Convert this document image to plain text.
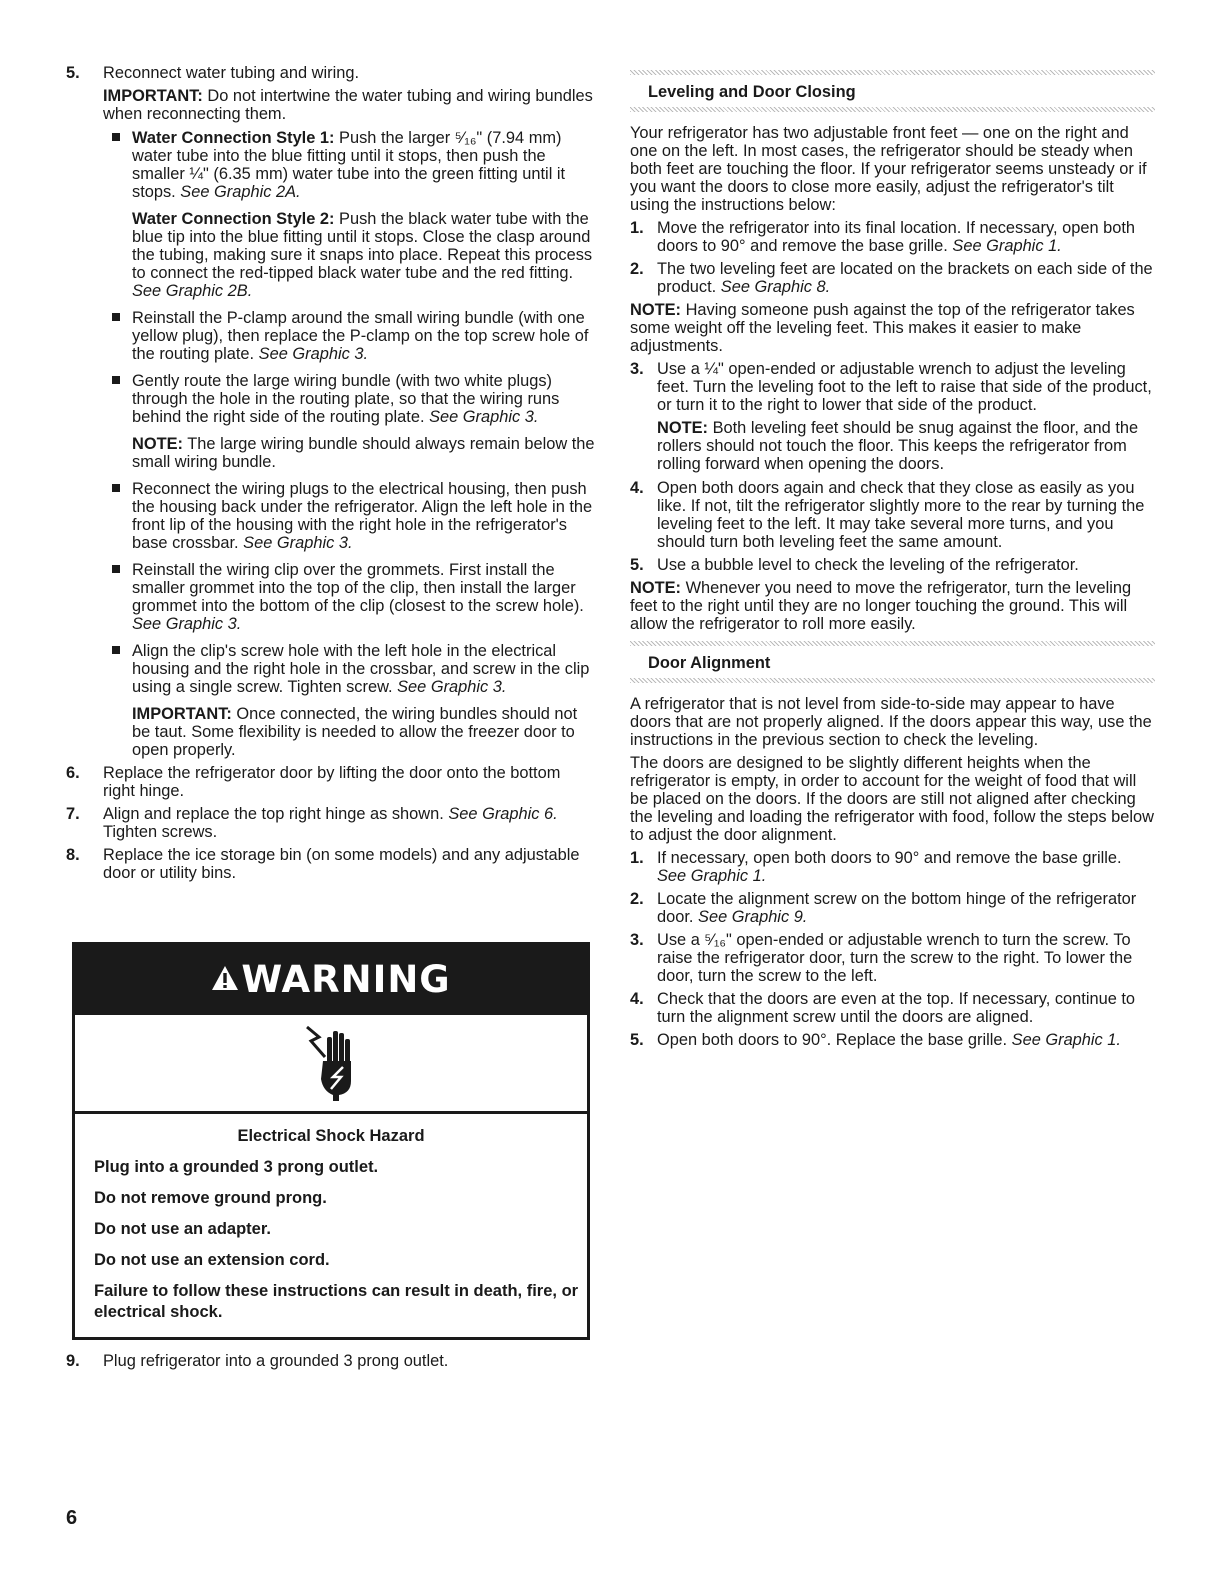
5. Reconnect water tubing and wiring.
IMPORTANT: Do not intertwine the water tubing and wiring bundles when reconnecting them.
Water Connection Style 1: Push the larger ⁵⁄₁₆" (7.94 mm) water tube into the blue fitting until it stops, then push the smaller ¼" (6.35 mm) water tube into the green fitting until it stops. See Graphic 2A.
Water Connection Style 2: Push the black water tube with the blue tip into the blue fitting until it stops. Close the clasp around the tubing, making sure it snaps into place. Repeat this process to connect the red-tipped black water tube and the red fitting. See Graphic 2B.
Reinstall the P-clamp around the small wiring bundle (with one yellow plug), then replace the P-clamp on the top screw hole of the routing plate. See Graphic 3.
Gently route the large wiring bundle (with two white plugs) through the hole in the routing plate, so that the wiring runs behind the right side of the routing plate. See Graphic 3.
NOTE: The large wiring bundle should always remain below the small wiring bundle.
Reconnect the wiring plugs to the electrical housing, then push the housing back under the refrigerator. Align the left hole in the front lip of the housing with the right hole in the refrigerator's base crossbar. See Graphic 3.
Reinstall the wiring clip over the grommets. First install the smaller grommet into the top of the clip, then install the larger grommet into the bottom of the clip (closest to the screw hole). See Graphic 3.
Align the clip's screw hole with the left hole in the electrical housing and the right hole in the crossbar, and screw in the clip using a single screw. Tighten screw. See Graphic 3.
IMPORTANT: Once connected, the wiring bundles should not be taut. Some flexibility is needed to allow the freezer door to open properly.
6. Replace the refrigerator door by lifting the door onto the bottom right hinge.
7. Align and replace the top right hinge as shown. See Graphic 6. Tighten screws.
8. Replace the ice storage bin (on some models) and any adjustable door or utility bins.
WARNING

Electrical Shock Hazard

Plug into a grounded 3 prong outlet.

Do not remove ground prong.

Do not use an adapter.

Do not use an extension cord.

Failure to follow these instructions can result in death, fire, or electrical shock.

9. Plug refrigerator into a grounded 3 prong outlet.
Leveling and Door Closing

Your refrigerator has two adjustable front feet — one on the right and one on the left. In most cases, the refrigerator should be steady when both feet are touching the floor. If your refrigerator seems unsteady or if you want the doors to close more easily, adjust the refrigerator's tilt using the instructions below:

1. Move the refrigerator into its final location. If necessary, open both doors to 90° and remove the base grille. See Graphic 1.
2. The two leveling feet are located on the brackets on each side of the product. See Graphic 8.

NOTE: Having someone push against the top of the refrigerator takes some weight off the leveling feet. This makes it easier to make adjustments.

3. Use a ¼" open-ended or adjustable wrench to adjust the leveling feet. Turn the leveling foot to the left to raise that side of the product, or turn it to the right to lower that side of the product.
NOTE: Both leveling feet should be snug against the floor, and the rollers should not touch the floor. This keeps the refrigerator from rolling forward when opening the doors.
4. Open both doors again and check that they close as easily as you like. If not, tilt the refrigerator slightly more to the rear by turning the leveling feet to the left. It may take several more turns, and you should turn both leveling feet the same amount.
5. Use a bubble level to check the leveling of the refrigerator.

NOTE: Whenever you need to move the refrigerator, turn the leveling feet to the right until they are no longer touching the ground. This will allow the refrigerator to roll more easily.

Door Alignment

A refrigerator that is not level from side-to-side may appear to have doors that are not properly aligned. If the doors appear this way, use the instructions in the previous section to check the leveling.

The doors are designed to be slightly different heights when the refrigerator is empty, in order to account for the weight of food that will be placed on the doors. If the doors are still not aligned after checking the leveling and loading the refrigerator with food, follow the steps below to adjust the door alignment.

1. If necessary, open both doors to 90° and remove the base grille. See Graphic 1.
2. Locate the alignment screw on the bottom hinge of the refrigerator door. See Graphic 9.
3. Use a ⁵⁄₁₆" open-ended or adjustable wrench to turn the screw. To raise the refrigerator door, turn the screw to the right. To lower the door, turn the screw to the left.
4. Check that the doors are even at the top. If necessary, continue to turn the alignment screw until the doors are aligned.
5. Open both doors to 90°. Replace the base grille. See Graphic 1.
6
